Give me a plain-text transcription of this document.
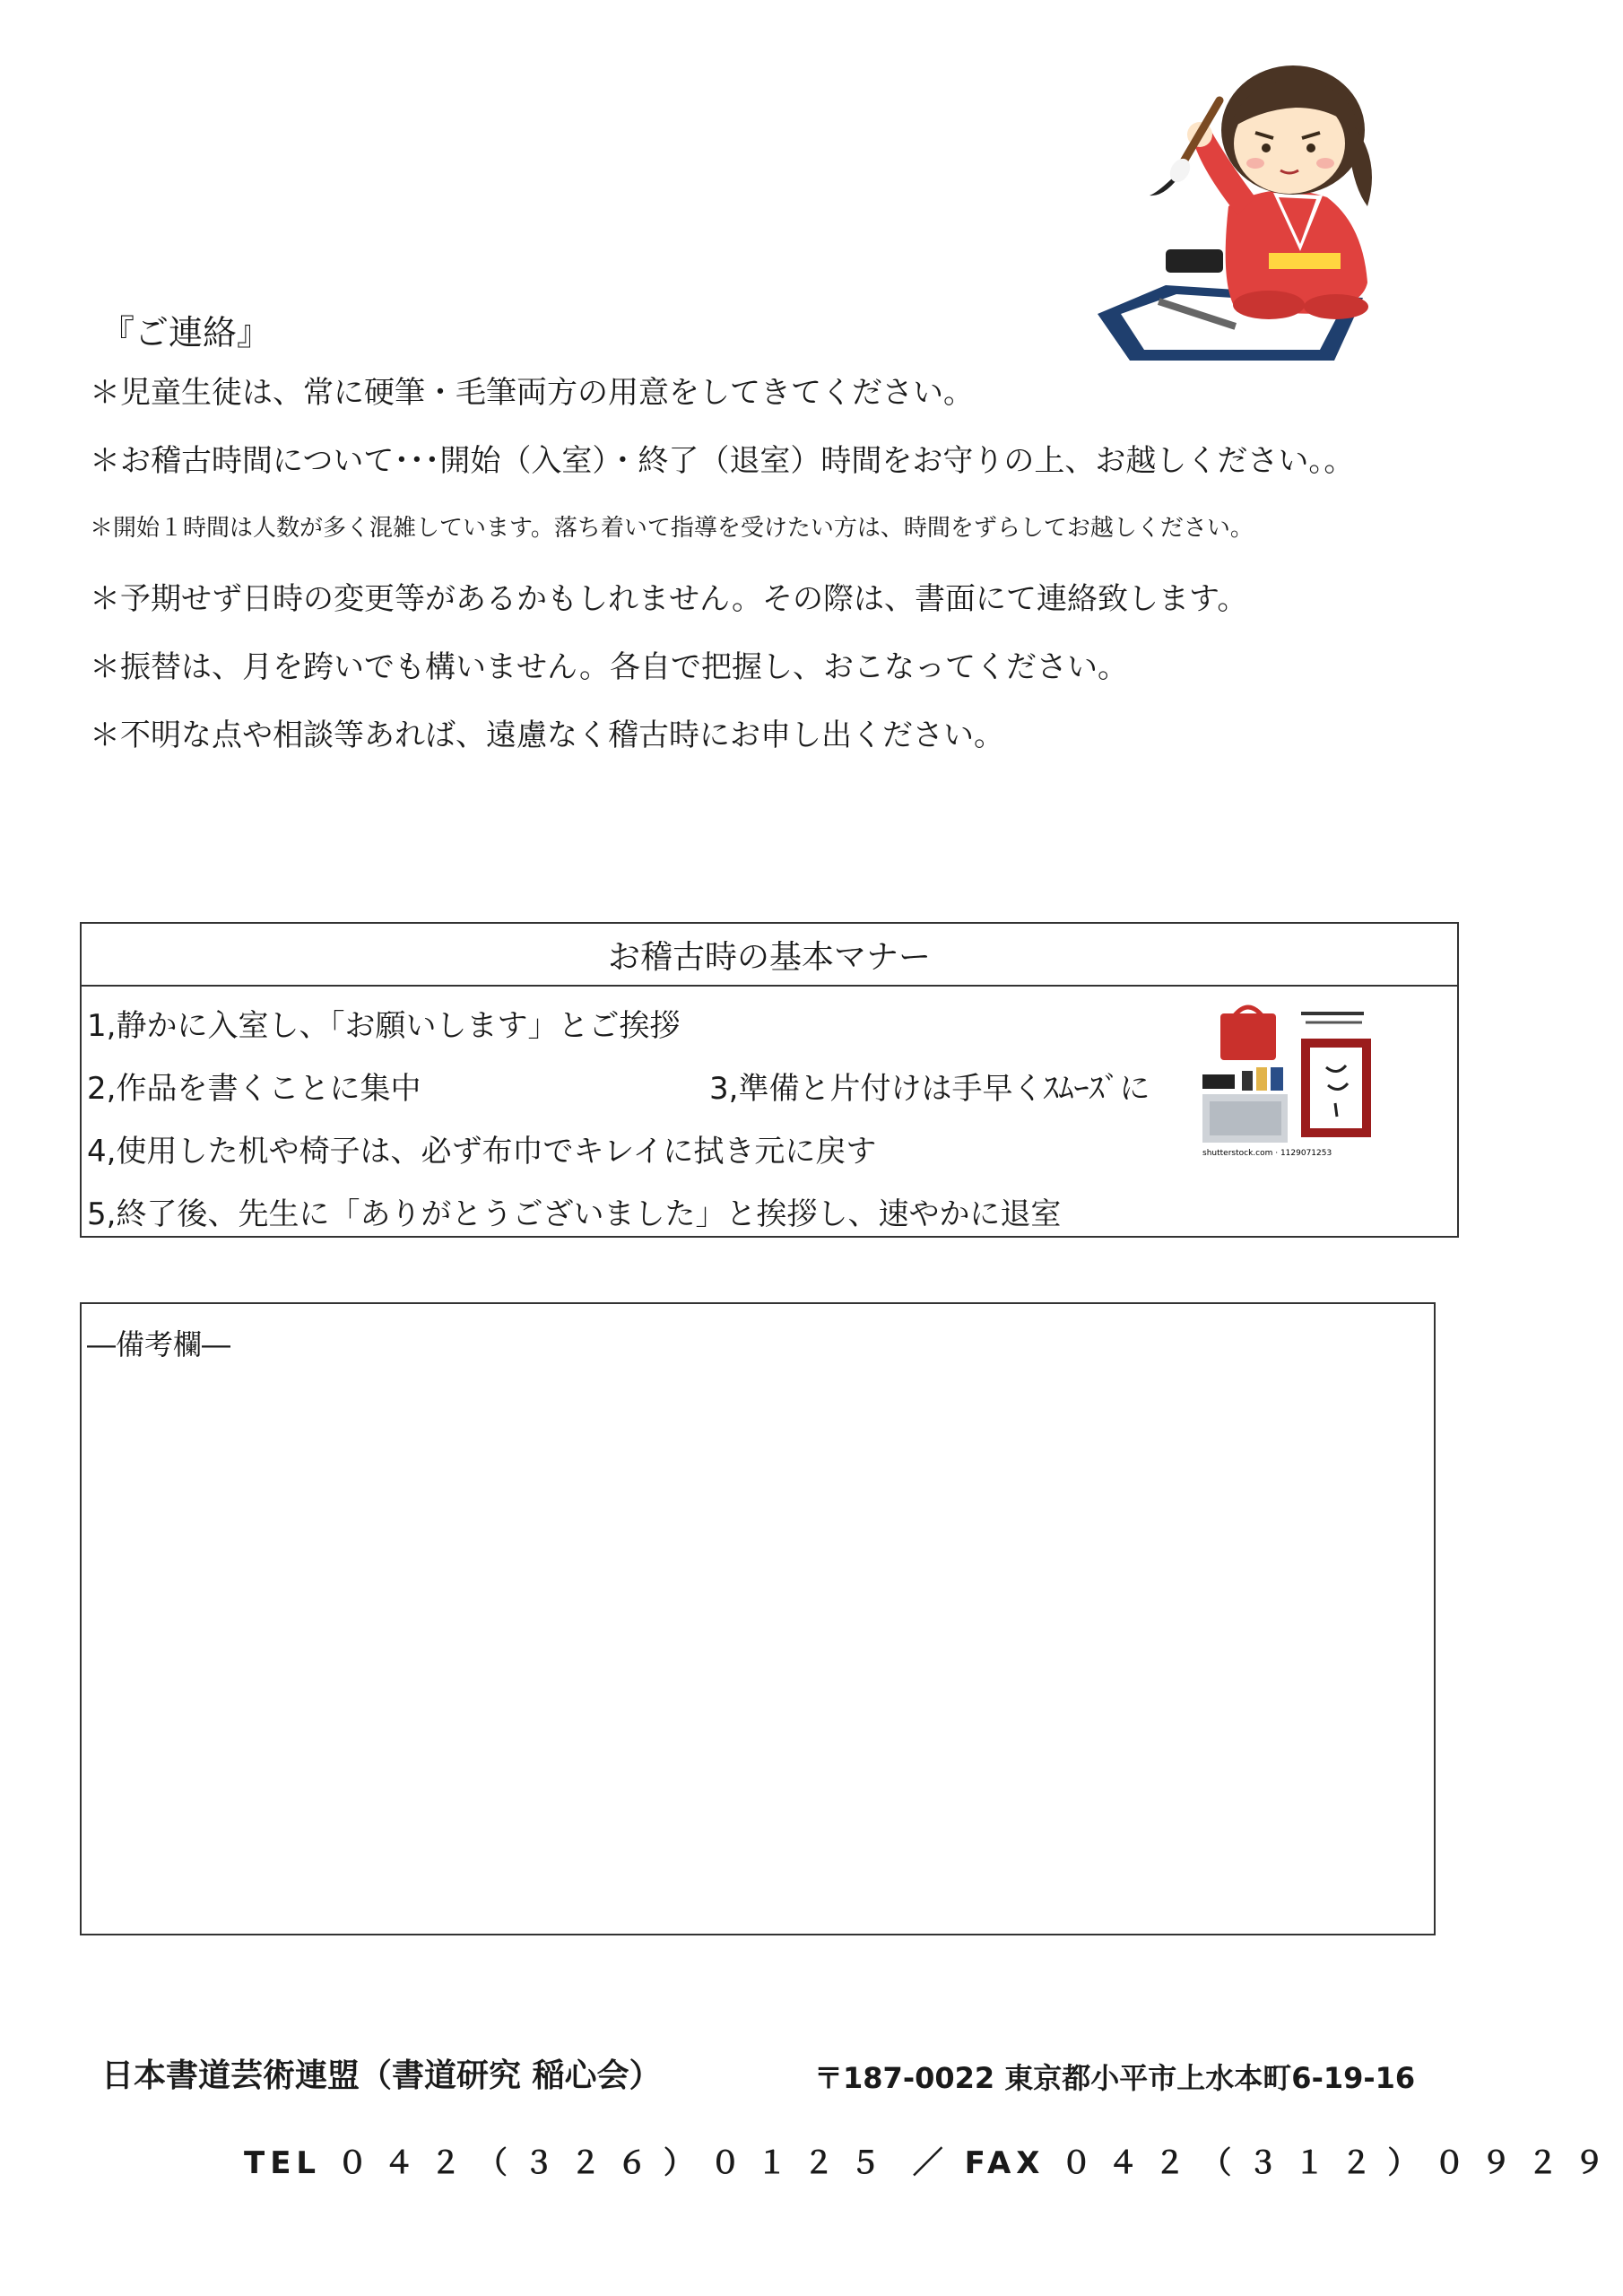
『ご連絡』
＊児童生徒は、常に硬筆・毛筆両方の用意をしてきてください。
＊お稽古時間について･･･開始（入室）・終了（退室）時間をお守りの上、お越しください。。
＊開始１時間は人数が多く混雑しています。落ち着いて指導を受けたい方は、時間をずらしてお越しください。
＊予期せず日時の変更等があるかもしれません。その際は、書面にて連絡致します。
＊振替は、月を跨いでも構いません。各自で把握し、おこなってください。
＊不明な点や相談等あれば、遠慮なく稽古時にお申し出ください。
お稽古時の基本マナー
1,静かに入室し、「お願いします」とご挨拶
2,作品を書くことに集中	3,準備と片付けは手早くｽﾑｰｽﾞに
4,使用した机や椅子は、必ず布巾でキレイに拭き元に戻す
5,終了後、先生に「ありがとうございました」と挨拶し、速やかに退室
shutterstock.com · 1129071253
―備考欄―
日本書道芸術連盟（書道研究 稲心会）	〒187-0022 東京都小平市上水本町6-19-16
TEL ０４２（３２６）０１２５ ／ FAX ０４２（３１２）０９２９
